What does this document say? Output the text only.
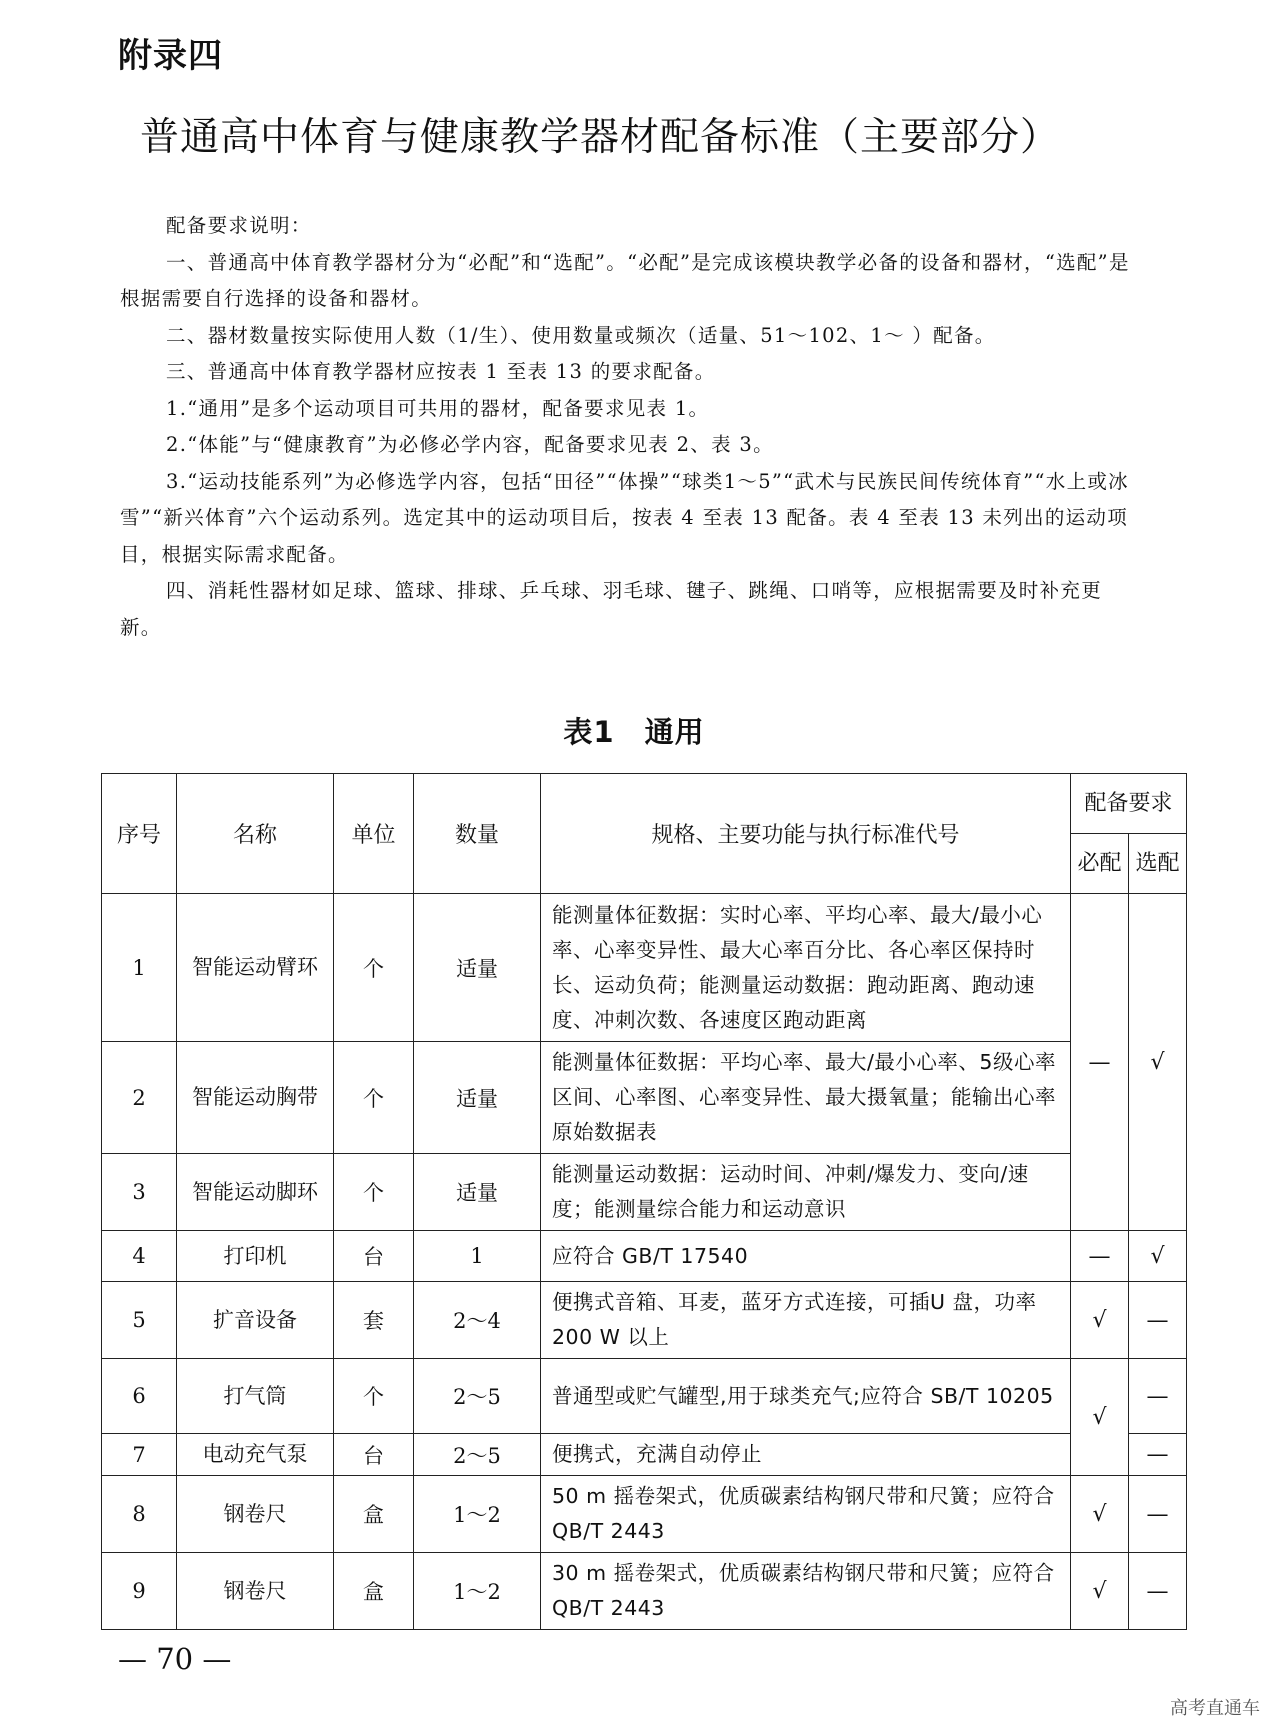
附录四
普通高中体育与健康教学器材配备标准（主要部分）

配备要求说明：

一、普通高中体育教学器材分为“必配”和“选配”。“必配”是完成该模块教学必备的设备和器材，“选配”是根据需要自行选择的设备和器材。

二、器材数量按实际使用人数（1/生）、使用数量或频次（适量、51～102、1～ ）配备。

三、普通高中体育教学器材应按表 1 至表 13 的要求配备。

1.“通用”是多个运动项目可共用的器材，配备要求见表 1。

2.“体能”与“健康教育”为必修必学内容，配备要求见表 2、表 3。

3.“运动技能系列”为必修选学内容，包括“田径”“体操”“球类1～5”“武术与民族民间传统体育”“水上或冰雪”“新兴体育”六个运动系列。选定其中的运动项目后，按表 4 至表 13 配备。表 4 至表 13 未列出的运动项目，根据实际需求配备。

四、消耗性器材如足球、篮球、排球、乒乓球、羽毛球、毽子、跳绳、口哨等，应根据需要及时补充更新。

表1 通用
序号	名称	单位	数量	规格、主要功能与执行标准代号	配备要求	
					必配	选配
1	智能运动臂环	个	适量	能测量体征数据：实时心率、平均心率、最大/最小心率、心率变异性、最大心率百分比、各心率区保持时长、运动负荷；能测量运动数据：跑动距离、跑动速度、冲刺次数、各速度区跑动距离	—	√
2	智能运动胸带	个	适量	能测量体征数据：平均心率、最大/最小心率、5级心率区间、心率图、心率变异性、最大摄氧量；能输出心率原始数据表		
3	智能运动脚环	个	适量	能测量运动数据：运动时间、冲刺/爆发力、变向/速度；能测量综合能力和运动意识		
4	打印机	台	1	应符合 GB/T 17540	—	√
5	扩音设备	套	2～4	便携式音箱、耳麦，蓝牙方式连接，可插U 盘，功率 200 W 以上	√	—
6	打气筒	个	2～5	普通型或贮气罐型,用于球类充气;应符合 SB/T 10205	√	—
7	电动充气泵	台	2～5	便携式，充满自动停止		—
8	钢卷尺	盒	1～2	50 m 摇卷架式，优质碳素结构钢尺带和尺簧；应符合 QB/T 2443	√	—
9	钢卷尺	盒	1～2	30 m 摇卷架式，优质碳素结构钢尺带和尺簧；应符合 QB/T 2443	√	—
— 70 —
高考直通车
